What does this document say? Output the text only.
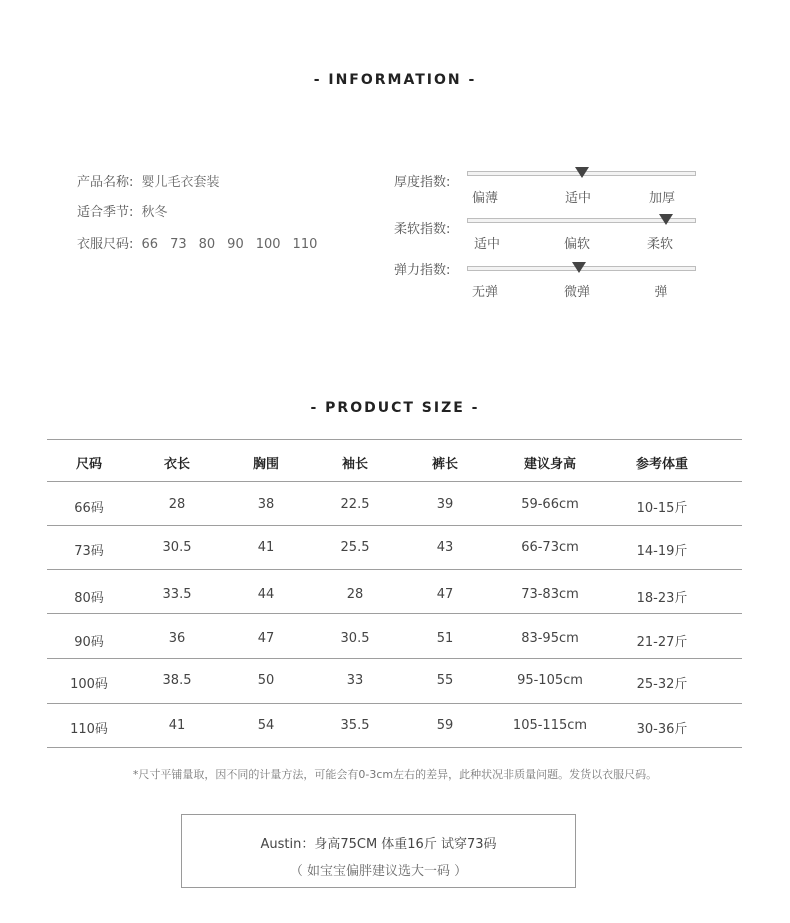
- INFORMATION -
产品名称: 婴儿毛衣套装
适合季节: 秋冬
衣服尺码: 66 73 80 90 100 110
厚度指数:
偏薄	适中	加厚
柔软指数:
适中	偏软	柔软
弹力指数:
无弹	微弹	弹
- PRODUCT SIZE -
尺码	衣长	胸围	袖长	裤长	建议身高	参考体重
66码	28	38	22.5	39	59-66cm	10-15斤
73码	30.5	41	25.5	43	66-73cm	14-19斤
80码	33.5	44	28	47	73-83cm	18-23斤
90码	36	47	30.5	51	83-95cm	21-27斤
100码	38.5	50	33	55	95-105cm	25-32斤
110码	41	54	35.5	59	105-115cm	30-36斤
*尺寸平铺量取，因不同的计量方法，可能会有0-3cm左右的差异，此种状况非质量问题。发货以衣服尺码。
Austin：身高75CM 体重16斤 试穿73码
（ 如宝宝偏胖建议选大一码 ）
